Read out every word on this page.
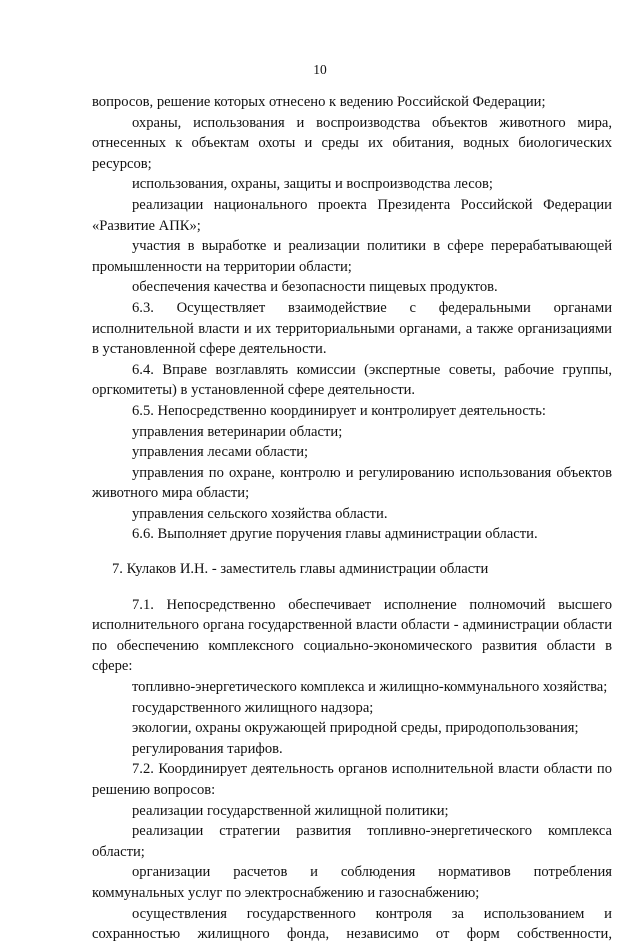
10
вопросов, решение которых отнесено к ведению Российской Федерации;
охраны, использования и воспроизводства объектов животного мира, отнесенных к объектам охоты и среды их обитания, водных биологических ресурсов;
использования, охраны, защиты и воспроизводства лесов;
реализации национального проекта Президента Российской Федерации «Развитие АПК»;
участия в выработке и реализации политики в сфере перерабатывающей промышленности на территории области;
обеспечения качества и безопасности пищевых продуктов.
6.3. Осуществляет взаимодействие с федеральными органами исполнительной власти и их территориальными органами, а также организациями в установленной сфере деятельности.
6.4. Вправе возглавлять комиссии (экспертные советы, рабочие группы, оргкомитеты) в установленной сфере деятельности.
6.5. Непосредственно координирует и контролирует деятельность:
управления ветеринарии области;
управления лесами области;
управления по охране, контролю и регулированию использования объектов животного мира области;
управления сельского хозяйства области.
6.6. Выполняет другие поручения главы администрации области.
7. Кулаков И.Н. - заместитель главы администрации области
7.1. Непосредственно обеспечивает исполнение полномочий высшего исполнительного органа государственной власти области - администрации области по обеспечению комплексного социально-экономического развития области в сфере:
топливно-энергетического комплекса и жилищно-коммунального хозяйства;
государственного жилищного надзора;
экологии, охраны окружающей природной среды, природопользования;
регулирования тарифов.
7.2. Координирует деятельность органов исполнительной власти области по решению вопросов:
реализации государственной жилищной политики;
реализации стратегии развития топливно-энергетического комплекса области;
организации расчетов и соблюдения нормативов потребления коммунальных услуг по электроснабжению и газоснабжению;
осуществления государственного контроля за использованием и сохранностью жилищного фонда, независимо от форм собственности,
